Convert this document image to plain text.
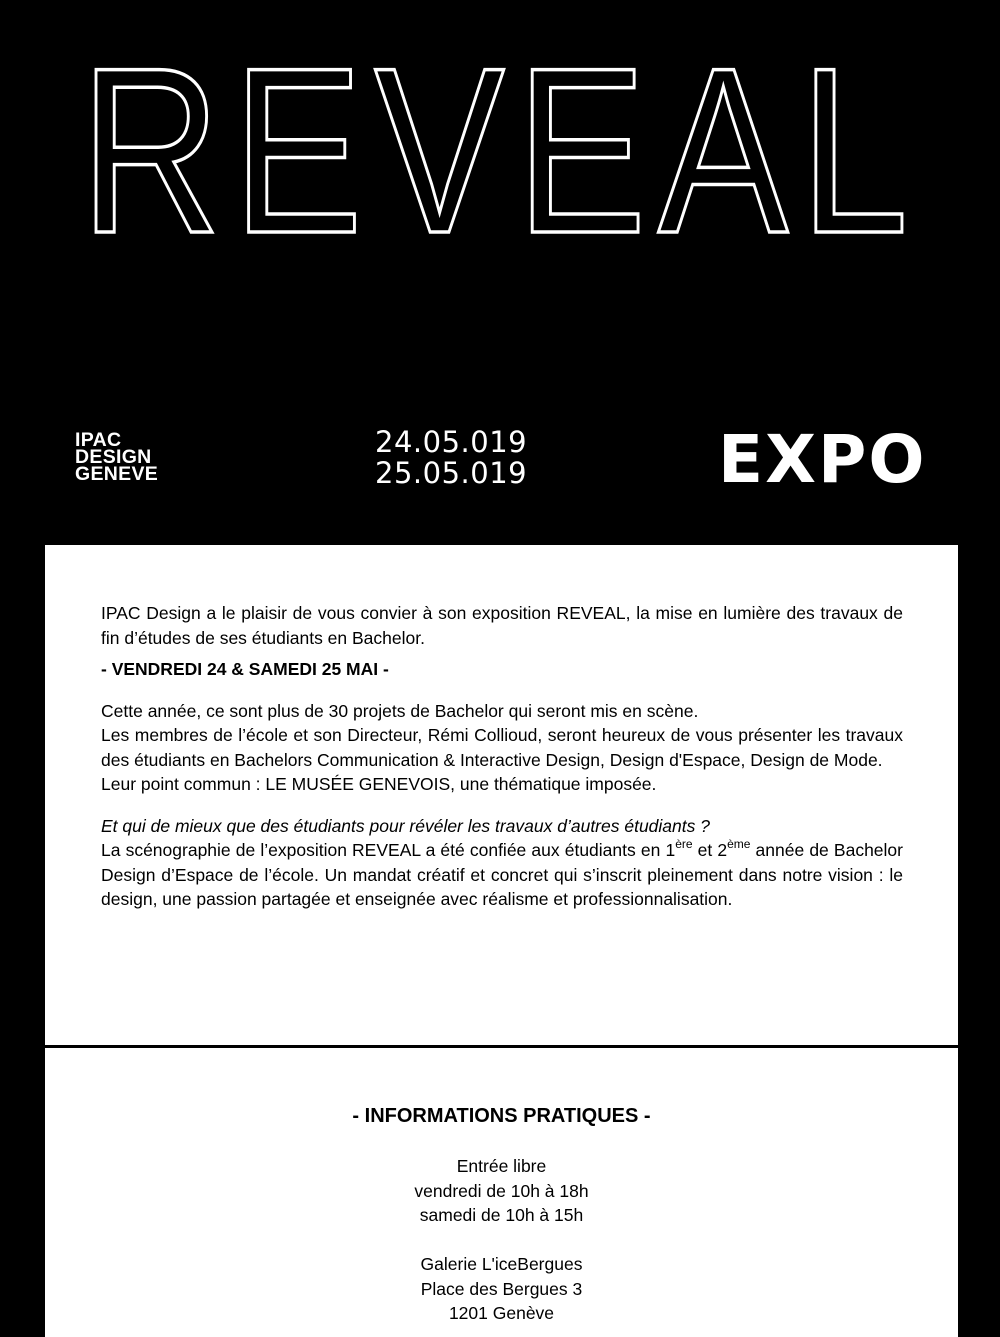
REVEAL
IPAC
DESIGN
GENEVE
24.05.019
25.05.019	EXPO

IPAC Design a le plaisir de vous convier à son exposition REVEAL, la mise en lumière des travaux de fin d’études de ses étudiants en Bachelor.

- VENDREDI 24 & SAMEDI 25 MAI -

Cette année, ce sont plus de 30 projets de Bachelor qui seront mis en scène.

Les membres de l’école et son Directeur, Rémi Collioud, seront heureux de vous présenter les travaux des étudiants en Bachelors Communication & Interactive Design, Design d'Espace, Design de Mode.

Leur point commun : LE MUSÉE GENEVOIS, une thématique imposée.

Et qui de mieux que des étudiants pour révéler les travaux d’autres étudiants ?

La scénographie de l’exposition REVEAL a été confiée aux étudiants en 1ère et 2ème année de Bachelor Design d’Espace de l’école. Un mandat créatif et concret qui s’inscrit pleinement dans notre vision : le design, une passion partagée et enseignée avec réalisme et professionnalisation.

- INFORMATIONS PRATIQUES -
Entrée libre
vendredi de 10h à 18h
samedi de 10h à 15h
Galerie L'iceBergues
Place des Bergues 3
1201 Genève
